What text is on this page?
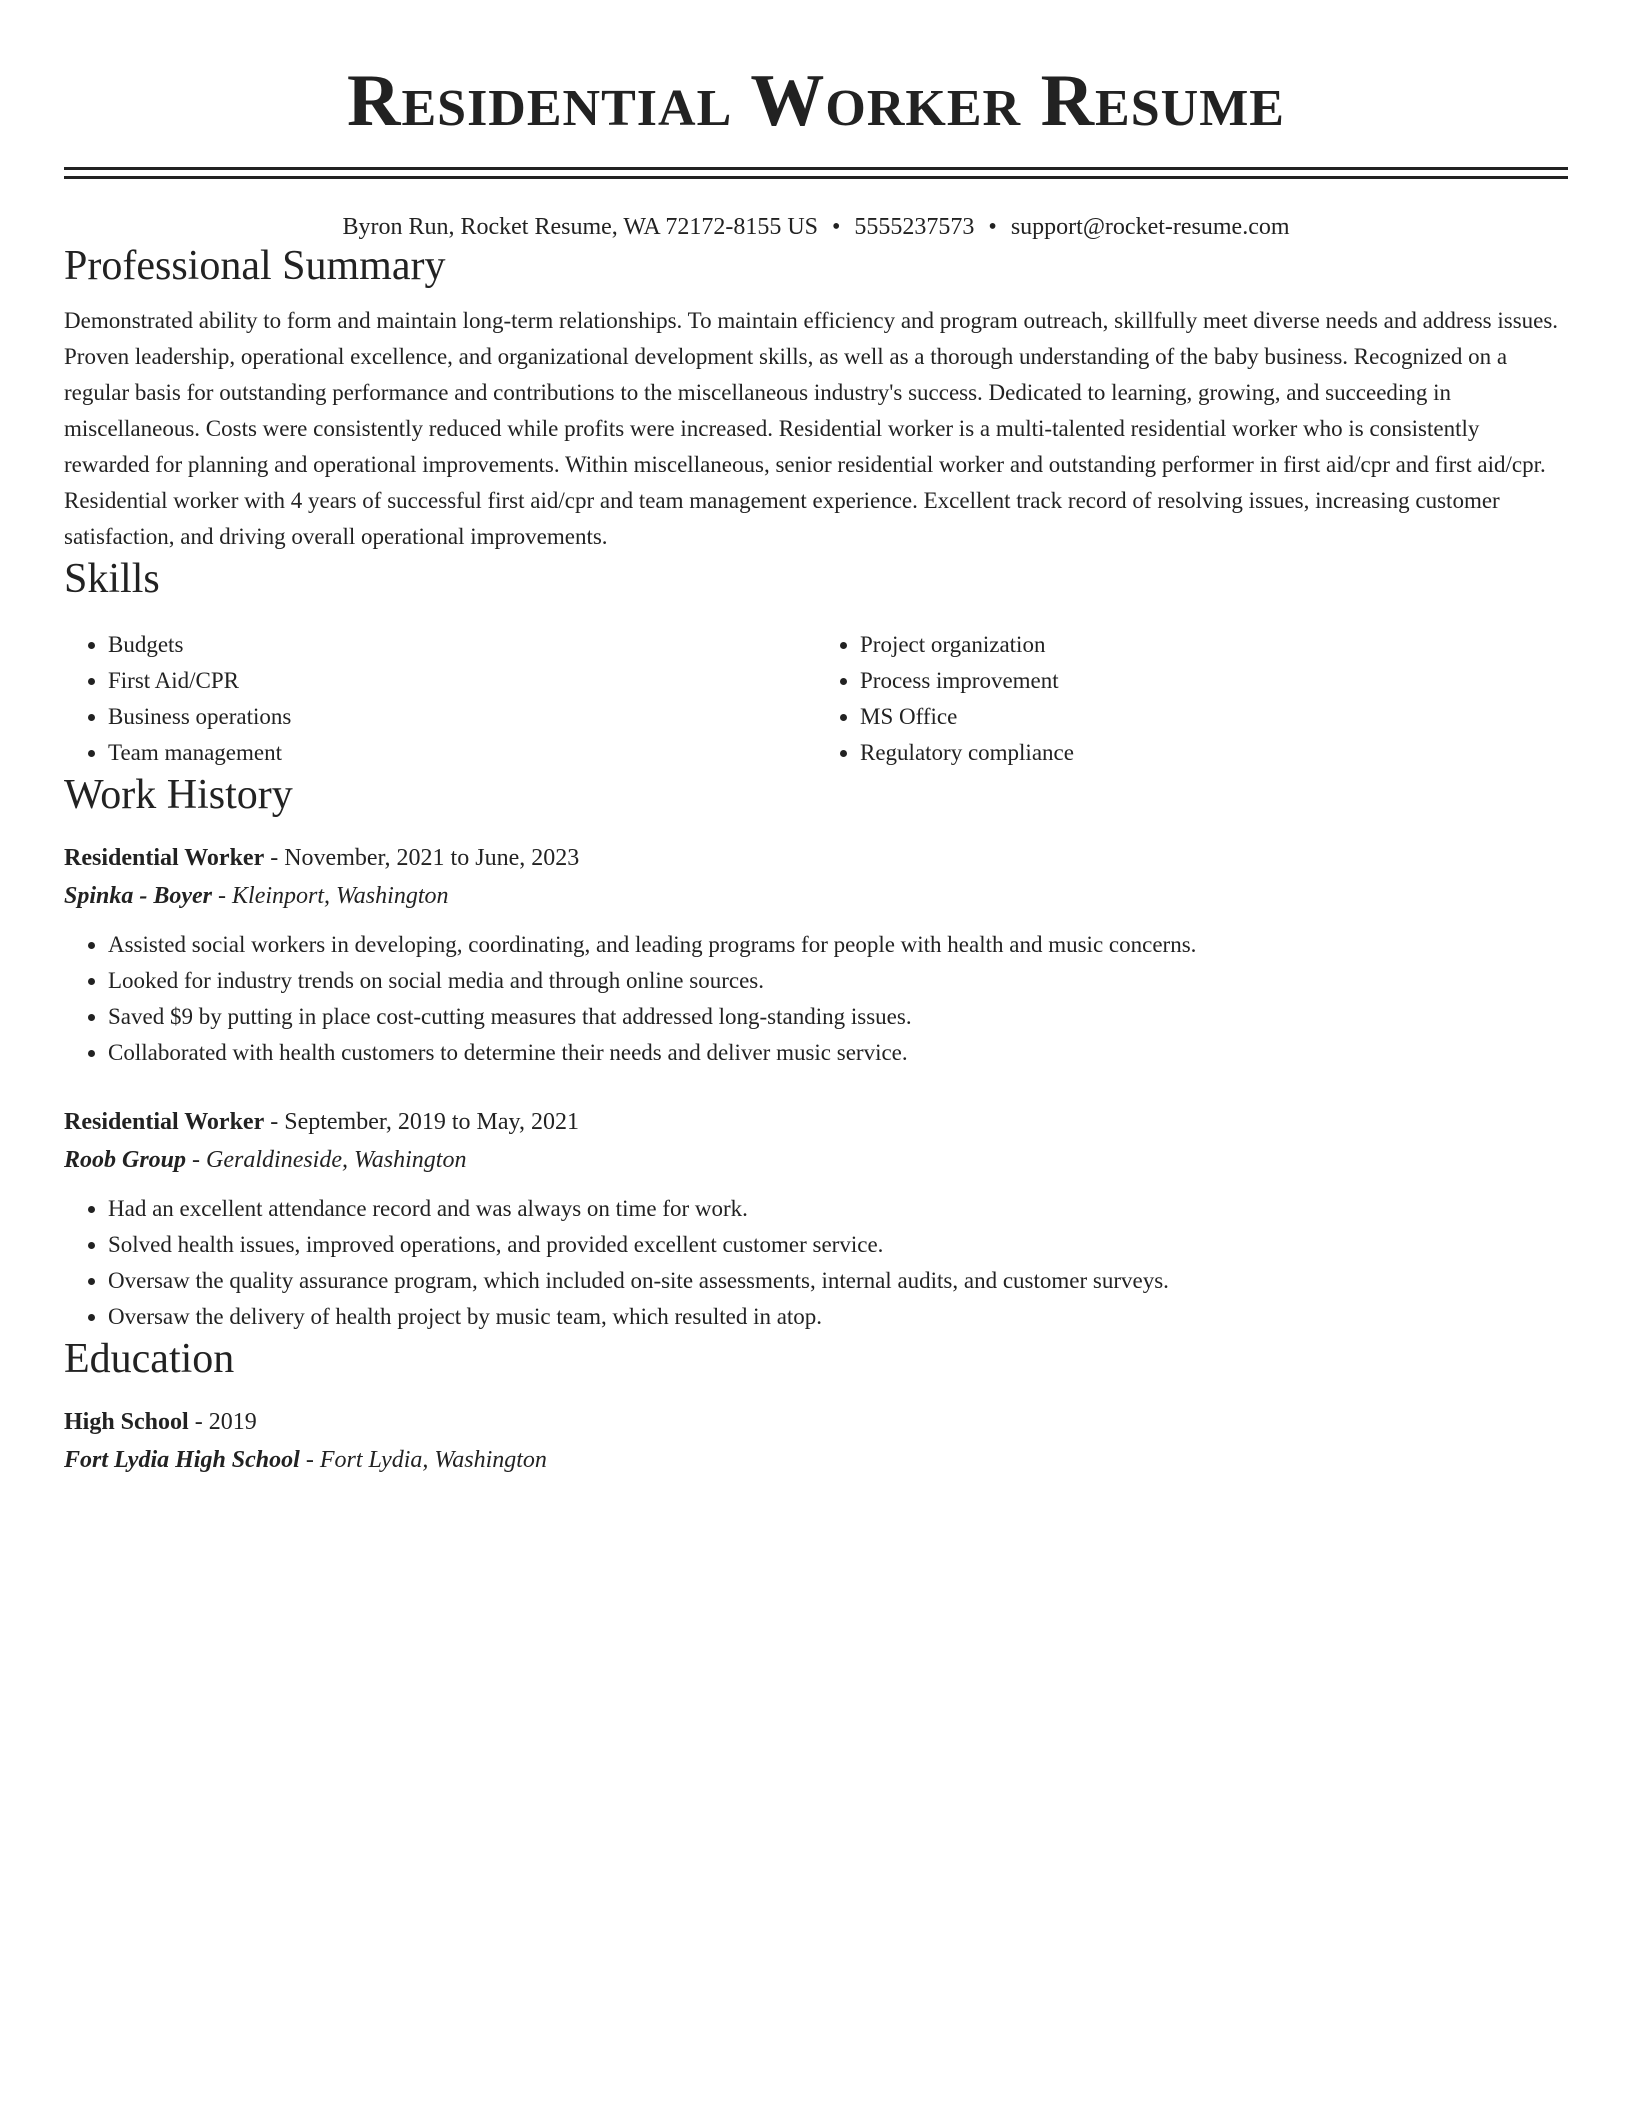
Residential Worker Resume
Byron Run, Rocket Resume, WA 72172-8155 US • 5555237573 • support@rocket-resume.com
Professional Summary

Demonstrated ability to form and maintain long-term relationships. To maintain efficiency and program outreach, skillfully meet diverse needs and address issues. Proven leadership, operational excellence, and organizational development skills, as well as a thorough understanding of the baby business. Recognized on a regular basis for outstanding performance and contributions to the miscellaneous industry's success. Dedicated to learning, growing, and succeeding in miscellaneous. Costs were consistently reduced while profits were increased. Residential worker is a multi-talented residential worker who is consistently rewarded for planning and operational improvements. Within miscellaneous, senior residential worker and outstanding performer in first aid/cpr and first aid/cpr. Residential worker with 4 years of successful first aid/cpr and team management experience. Excellent track record of resolving issues, increasing customer satisfaction, and driving overall operational improvements.

Skills
• Budgets
• First Aid/CPR
• Business operations
• Team management
• Project organization
• Process improvement
• MS Office
• Regulatory compliance
Work History
Residential Worker - November, 2021 to June, 2023
Spinka - Boyer - Kleinport, Washington
• Assisted social workers in developing, coordinating, and leading programs for people with health and music concerns.
• Looked for industry trends on social media and through online sources.
• Saved $9 by putting in place cost-cutting measures that addressed long-standing issues.
• Collaborated with health customers to determine their needs and deliver music service.
Residential Worker - September, 2019 to May, 2021
Roob Group - Geraldineside, Washington
• Had an excellent attendance record and was always on time for work.
• Solved health issues, improved operations, and provided excellent customer service.
• Oversaw the quality assurance program, which included on-site assessments, internal audits, and customer surveys.
• Oversaw the delivery of health project by music team, which resulted in atop.
Education
High School - 2019
Fort Lydia High School - Fort Lydia, Washington
